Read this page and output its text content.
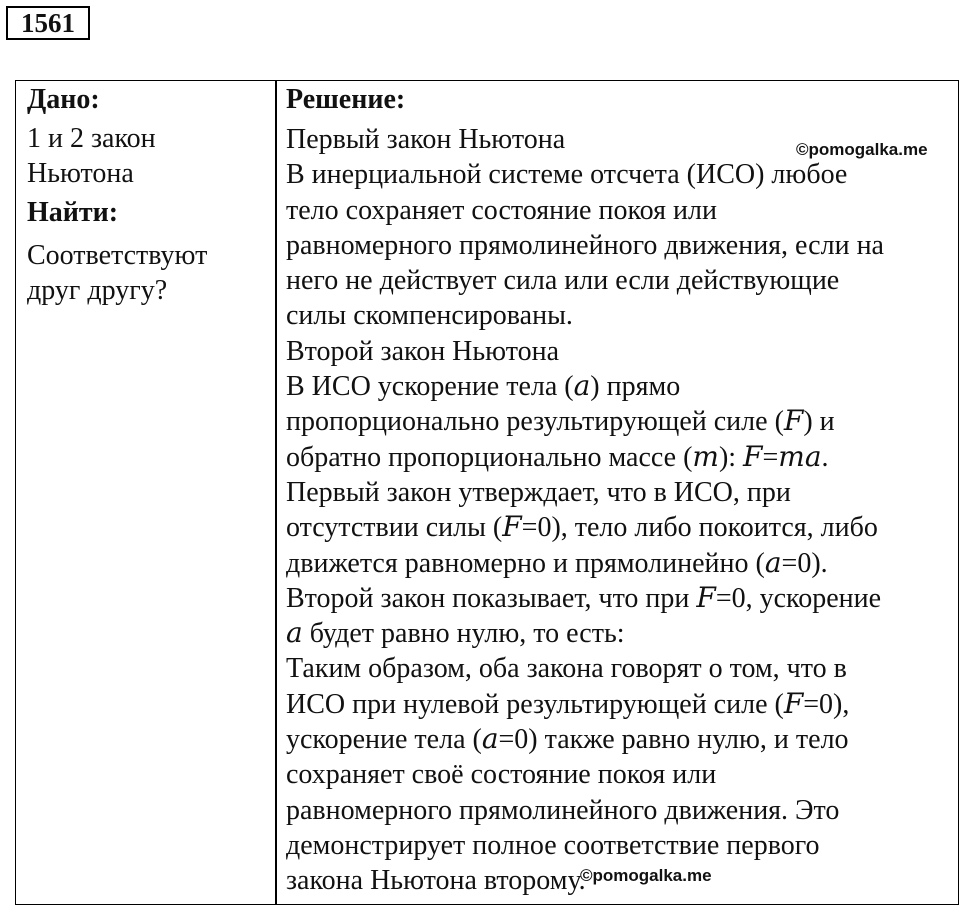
1561
Дано:
1 и 2 закон
Ньютона
Найти:
Соответствуют
друг другу?
Решение:
Первый закон Ньютона
В инерциальной системе отсчета (ИСО) любое
тело сохраняет состояние покоя или
равномерного прямолинейного движения, если на
него не действует сила или если действующие
силы скомпенсированы.
Второй закон Ньютона
В ИСО ускорение тела (𝑎) прямо
пропорционально результирующей силе (𝐹) и
обратно пропорционально массе (𝑚): 𝐹=𝑚𝑎.
Первый закон утверждает, что в ИСО, при
отсутствии силы (𝐹=0), тело либо покоится, либо
движется равномерно и прямолинейно (𝑎=0).
Второй закон показывает, что при 𝐹=0, ускорение
𝑎 будет равно нулю, то есть:
Таким образом, оба закона говорят о том, что в
ИСО при нулевой результирующей силе (𝐹=0),
ускорение тела (𝑎=0) также равно нулю, и тело
сохраняет своё состояние покоя или
равномерного прямолинейного движения. Это
демонстрирует полное соответствие первого
закона Ньютона второму.
©pomogalka.me
©pomogalka.me
